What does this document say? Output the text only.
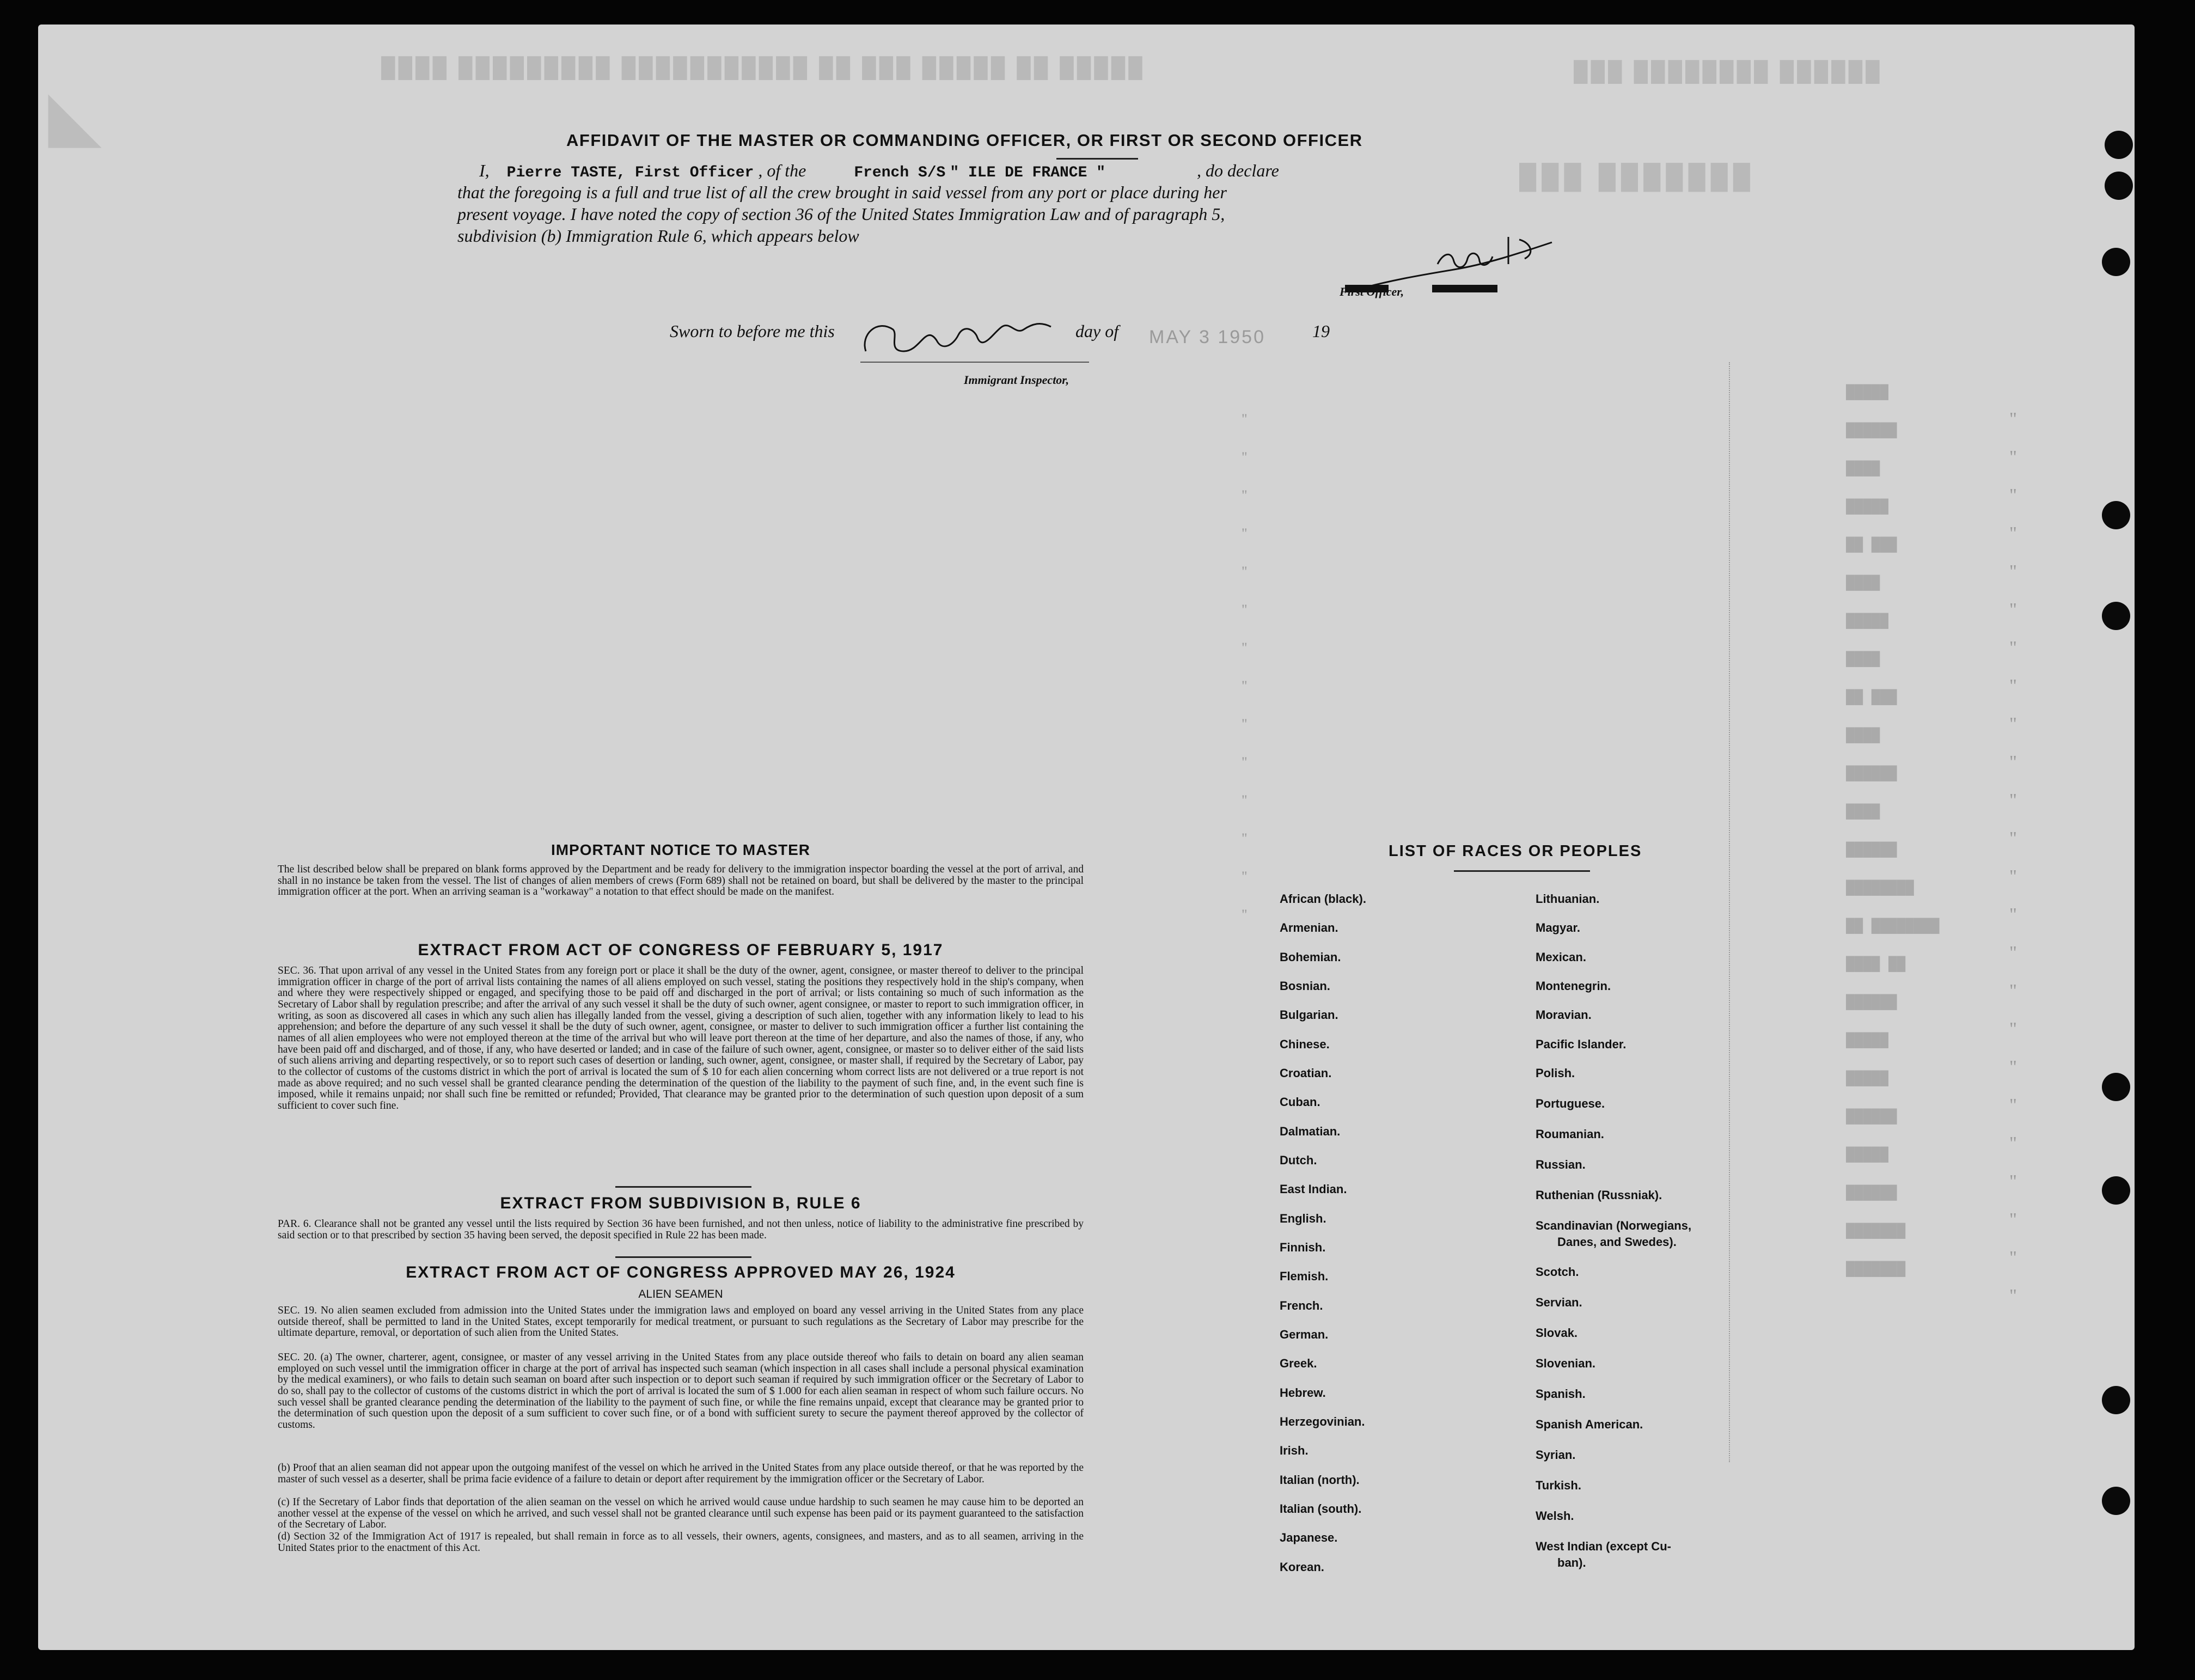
████ █████████ ███████████ ██ ███ █████ ██ █████	███ ████████ ██████
███ ███████
◣
█████
██████
████
█████
██ ███
████
█████
████
██ ███
████
██████
████
██████
████████
██ ████████
████ ██
██████
█████
█████
██████
█████
██████
███████
███████
"
"
"
"
"
"
"
"
"
"
"
"
"
"
"
"
"
"
"
"
"
"
"
"
"
"
"
"
"
"
"
"
"
"
"
"
"
"
AFFIDAVIT OF THE MASTER OR COMMANDING OFFICER, OR FIRST OR SECOND OFFICER
I, Pierre TASTE, First Officer , of the	French S/S " ILE DE FRANCE "	, do declare
that the foregoing is a full and true list of all the crew brought in said vessel from any port or place during her
present voyage. I have noted the copy of section 36 of the United States Immigration Law and of paragraph 5,
subdivision (b) Immigration Rule 6, which appears below
First Officer,
Sworn to before me this	day of MAY 3 1950	19
Immigrant Inspector,
IMPORTANT NOTICE TO MASTER
The list described below shall be prepared on blank forms approved by the Department and be ready for delivery to the immigration inspector boarding the vessel at the port of arrival, and shall in no instance be taken from the vessel. The list of changes of alien members of crews (Form 689) shall not be retained on board, but shall be delivered by the master to the principal immigration officer at the port. When an arriving seaman is a "workaway" a notation to that effect should be made on the manifest.
EXTRACT FROM ACT OF CONGRESS OF FEBRUARY 5, 1917
SEC. 36. That upon arrival of any vessel in the United States from any foreign port or place it shall be the duty of the owner, agent, consignee, or master thereof to deliver to the principal immigration officer in charge of the port of arrival lists containing the names of all aliens employed on such vessel, stating the positions they respectively hold in the ship's company, when and where they were respectively shipped or engaged, and specifying those to be paid off and discharged in the port of arrival; or lists containing so much of such information as the Secretary of Labor shall by regulation prescribe; and after the arrival of any such vessel it shall be the duty of such owner, agent consignee, or master to report to such immigration officer, in writing, as soon as discovered all cases in which any such alien has illegally landed from the vessel, giving a description of such alien, together with any information likely to lead to his apprehension; and before the departure of any such vessel it shall be the duty of such owner, agent, consignee, or master to deliver to such immigration officer a further list containing the names of all alien employees who were not employed thereon at the time of the arrival but who will leave port thereon at the time of her departure, and also the names of those, if any, who have been paid off and discharged, and of those, if any, who have deserted or landed; and in case of the failure of such owner, agent, consignee, or master so to deliver either of the said lists of such aliens arriving and departing respectively, or so to report such cases of desertion or landing, such owner, agent, consignee, or master shall, if required by the Secretary of Labor, pay to the collector of customs of the customs district in which the port of arrival is located the sum of $ 10 for each alien concerning whom correct lists are not delivered or a true report is not made as above required; and no such vessel shall be granted clearance pending the determination of the question of the liability to the payment of such fine, and, in the event such fine is imposed, while it remains unpaid; nor shall such fine be remitted or refunded; Provided, That clearance may be granted prior to the determination of such question upon deposit of a sum sufficient to cover such fine.
EXTRACT FROM SUBDIVISION B, RULE 6
PAR. 6. Clearance shall not be granted any vessel until the lists required by Section 36 have been furnished, and not then unless, notice of liability to the administrative fine prescribed by said section or to that prescribed by section 35 having been served, the deposit specified in Rule 22 has been made.
EXTRACT FROM ACT OF CONGRESS APPROVED MAY 26, 1924
ALIEN SEAMEN
SEC. 19. No alien seamen excluded from admission into the United States under the immigration laws and employed on board any vessel arriving in the United States from any place outside thereof, shall be permitted to land in the United States, except temporarily for medical treatment, or pursuant to such regulations as the Secretary of Labor may prescribe for the ultimate departure, removal, or deportation of such alien from the United States.
SEC. 20. (a) The owner, charterer, agent, consignee, or master of any vessel arriving in the United States from any place outside thereof who fails to detain on board any alien seaman employed on such vessel until the immigration officer in charge at the port of arrival has inspected such seaman (which inspection in all cases shall include a personal physical examination by the medical examiners), or who fails to detain such seaman on board after such inspection or to deport such seaman if required by such immigration officer or the Secretary of Labor to do so, shall pay to the collector of customs of the customs district in which the port of arrival is located the sum of $ 1.000 for each alien seaman in respect of whom such failure occurs. No such vessel shall be granted clearance pending the determination of the liability to the payment of such fine, or while the fine remains unpaid, except that clearance may be granted prior to the determination of such question upon the deposit of a sum sufficient to cover such fine, or of a bond with sufficient surety to secure the payment thereof approved by the collector of customs.
(b) Proof that an alien seaman did not appear upon the outgoing manifest of the vessel on which he arrived in the United States from any place outside thereof, or that he was reported by the master of such vessel as a deserter, shall be prima facie evidence of a failure to detain or deport after requirement by the immigration officer or the Secretary of Labor.
(c) If the Secretary of Labor finds that deportation of the alien seaman on the vessel on which he arrived would cause undue hardship to such seamen he may cause him to be deported an another vessel at the expense of the vessel on which he arrived, and such vessel shall not be granted clearance until such expense has been paid or its payment guaranteed to the satisfaction of the Secretary of Labor.
(d) Section 32 of the Immigration Act of 1917 is repealed, but shall remain in force as to all vessels, their owners, agents, consignees, and masters, and as to all seamen, arriving in the United States prior to the enactment of this Act.
LIST OF RACES OR PEOPLES
African (black).
Armenian.
Bohemian.
Bosnian.
Bulgarian.
Chinese.
Croatian.
Cuban.
Dalmatian.
Dutch.
East Indian.
English.
Finnish.
Flemish.
French.
German.
Greek.
Hebrew.
Herzegovinian.
Irish.
Italian (north).
Italian (south).
Japanese.
Korean.
Lithuanian.
Magyar.
Mexican.
Montenegrin.
Moravian.
Pacific Islander.
Polish.
Portuguese.
Roumanian.
Russian.
Ruthenian (Russniak).
Scandinavian (Norwegians,
Danes, and Swedes).
Scotch.
Servian.
Slovak.
Slovenian.
Spanish.
Spanish American.
Syrian.
Turkish.
Welsh.
West Indian (except Cu-
ban).
